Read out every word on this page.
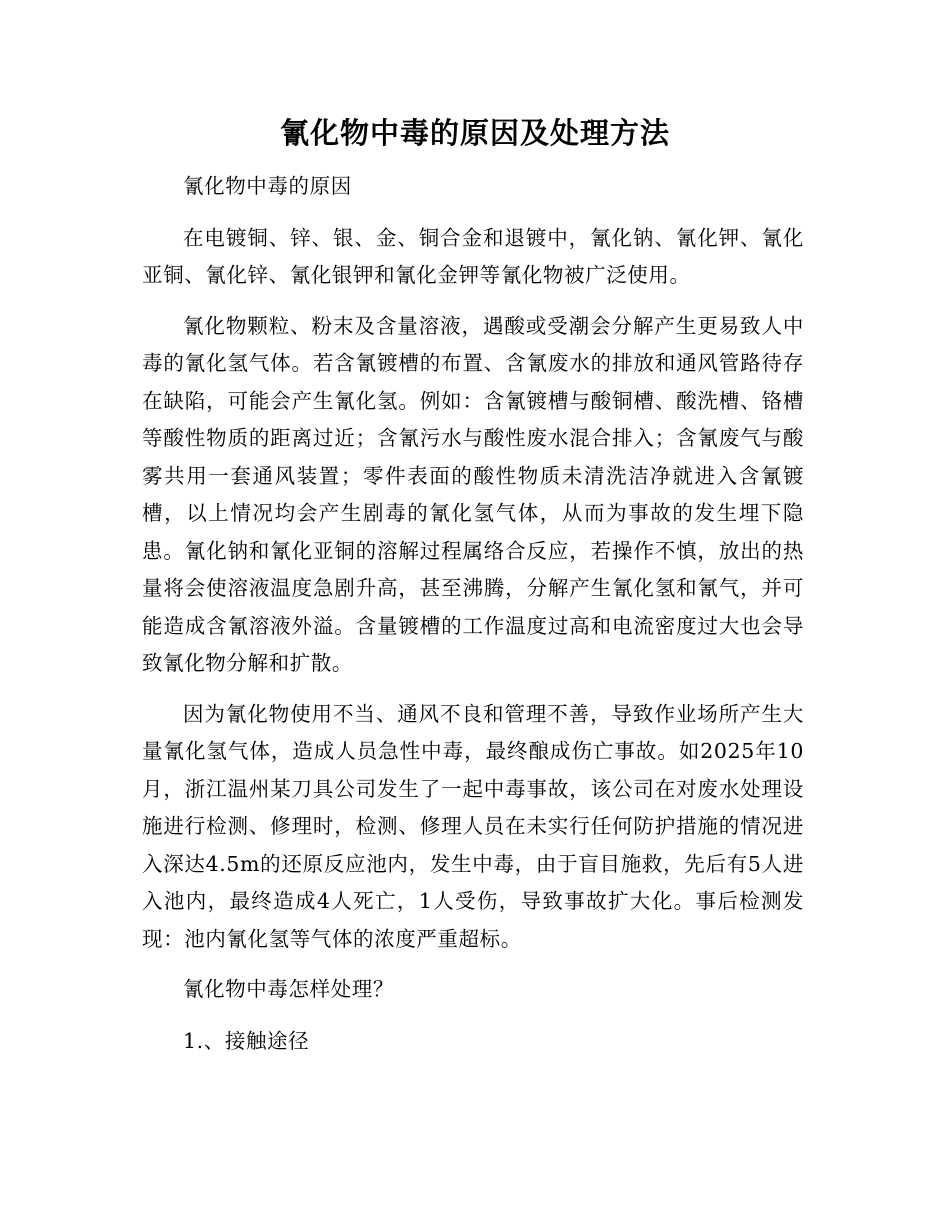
氰化物中毒的原因及处理方法

氰化物中毒的原因

在电镀铜、锌、银、金、铜合金和退镀中，氰化钠、氰化钾、氰化亚铜、氰化锌、氰化银钾和氰化金钾等氰化物被广泛使用。

氰化物颗粒、粉末及含量溶液，遇酸或受潮会分解产生更易致人中毒的氰化氢气体。若含氰镀槽的布置、含氰废水的排放和通风管路待存在缺陷，可能会产生氰化氢。例如：含氰镀槽与酸铜槽、酸洗槽、铬槽等酸性物质的距离过近；含氰污水与酸性废水混合排入；含氰废气与酸雾共用一套通风装置；零件表面的酸性物质未清洗洁净就进入含氰镀槽，以上情况均会产生剧毒的氰化氢气体，从而为事故的发生埋下隐患。氰化钠和氰化亚铜的溶解过程属络合反应，若操作不慎，放出的热量将会使溶液温度急剧升高，甚至沸腾，分解产生氰化氢和氰气，并可能造成含氰溶液外溢。含量镀槽的工作温度过高和电流密度过大也会导致氰化物分解和扩散。

因为氰化物使用不当、通风不良和管理不善，导致作业场所产生大量氰化氢气体，造成人员急性中毒，最终酿成伤亡事故。如2025年10月，浙江温州某刀具公司发生了一起中毒事故，该公司在对废水处理设施进行检测、修理时，检测、修理人员在未实行任何防护措施的情况进入深达4.5m的还原反应池内，发生中毒，由于盲目施救，先后有5人进入池内，最终造成4人死亡，1人受伤，导致事故扩大化。事后检测发现：池内氰化氢等气体的浓度严重超标。

氰化物中毒怎样处理？

1.、接触途径
